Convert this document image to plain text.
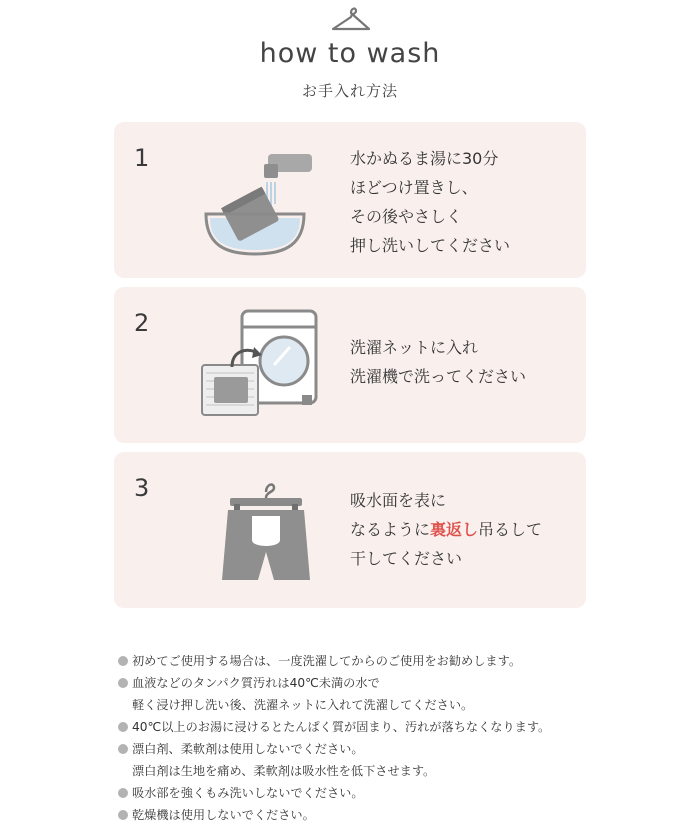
how to wash
お手入れ方法
1	水かぬるま湯に30分
ほどつけ置きし、
その後やさしく
押し洗いしてください
2
洗濯ネットに入れ
洗濯機で洗ってください
3	吸水面を表に
なるように裏返し吊るして
干してください
初めてご使用する場合は、一度洗濯してからのご使用をお勧めします。
血液などのタンパク質汚れは40℃未満の水で
軽く浸け押し洗い後、洗濯ネットに入れて洗濯してください。
40℃以上のお湯に浸けるとたんぱく質が固まり、汚れが落ちなくなります。
漂白剤、柔軟剤は使用しないでください。
漂白剤は生地を痛め、柔軟剤は吸水性を低下させます。
吸水部を強くもみ洗いしないでください。
乾燥機は使用しないでください。
